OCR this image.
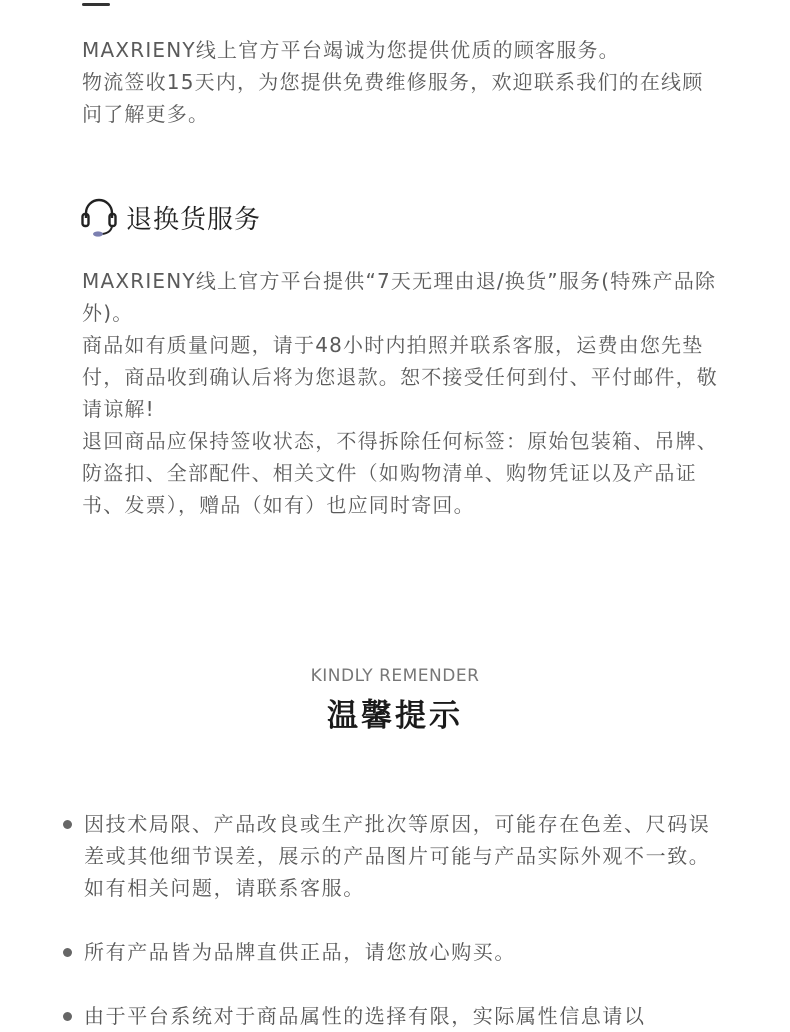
MAXRIENY线上官方平台竭诚为您提供优质的顾客服务。
物流签收15天内，为您提供免费维修服务，欢迎联系我们的在线顾问了解更多。

退换货服务

MAXRIENY线上官方平台提供“7天无理由退/换货”服务(特殊产品除外)。
商品如有质量问题，请于48小时内拍照并联系客服，运费由您先垫付，商品收到确认后将为您退款。恕不接受任何到付、平付邮件，敬请谅解!
退回商品应保持签收状态，不得拆除任何标签：原始包装箱、吊牌、防盗扣、全部配件、相关文件（如购物清单、购物凭证以及产品证书、发票），赠品（如有）也应同时寄回。

KINDLY REMENDER
温馨提示
因技术局限、产品改良或生产批次等原因，可能存在色差、尺码误差或其他细节误差，展示的产品图片可能与产品实际外观不一致。如有相关问题，请联系客服。
所有产品皆为品牌直供正品，请您放心购买。
由于平台系统对于商品属性的选择有限，实际属性信息请以
